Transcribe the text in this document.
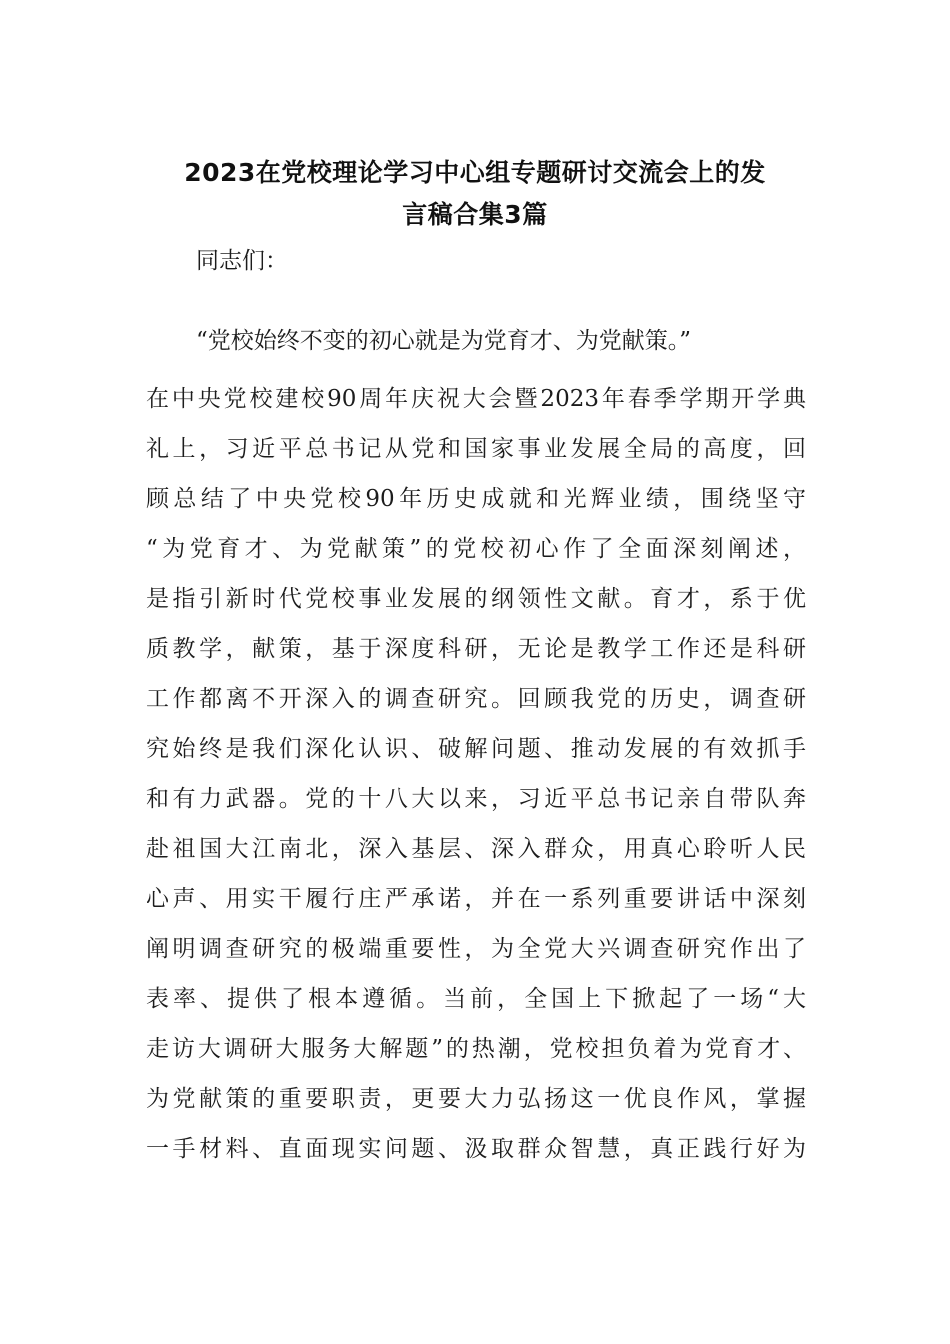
2023在党校理论学习中心组专题研讨交流会上的发
言稿合集3篇
同志们：
“党校始终不变的初心就是为党育才、为党献策。”
在中央党校建校90周年庆祝大会暨2023年春季学期开学典
礼上，习近平总书记从党和国家事业发展全局的高度，回
顾总结了中央党校90年历史成就和光辉业绩，围绕坚守
“为党育才、为党献策”的党校初心作了全面深刻阐述，
是指引新时代党校事业发展的纲领性文献。育才，系于优
质教学，献策，基于深度科研，无论是教学工作还是科研
工作都离不开深入的调查研究。回顾我党的历史，调查研
究始终是我们深化认识、破解问题、推动发展的有效抓手
和有力武器。党的十八大以来，习近平总书记亲自带队奔
赴祖国大江南北，深入基层、深入群众，用真心聆听人民
心声、用实干履行庄严承诺，并在一系列重要讲话中深刻
阐明调查研究的极端重要性，为全党大兴调查研究作出了
表率、提供了根本遵循。当前，全国上下掀起了一场“大
走访大调研大服务大解题”的热潮，党校担负着为党育才、
为党献策的重要职责，更要大力弘扬这一优良作风，掌握
一手材料、直面现实问题、汲取群众智慧，真正践行好为
